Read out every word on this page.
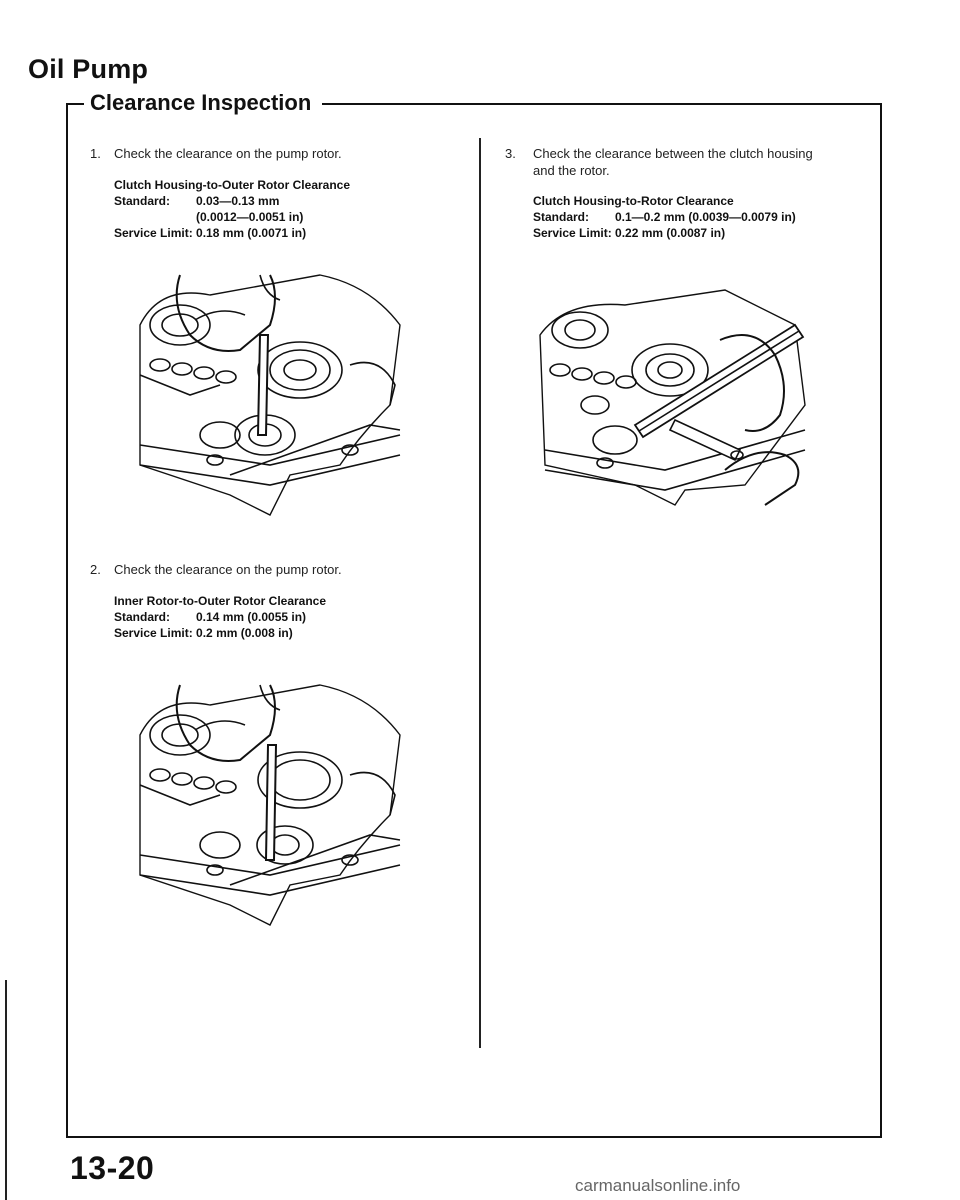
Oil Pump
Clearance Inspection
1. Check the clearance on the pump rotor.
Clutch Housing-to-Outer Rotor Clearance
Standard: 0.03—0.13 mm
(0.0012—0.0051 in)
Service Limit: 0.18 mm (0.0071 in)
2. Check the clearance on the pump rotor.
Inner Rotor-to-Outer Rotor Clearance
Standard: 0.14 mm (0.0055 in)
Service Limit: 0.2 mm (0.008 in)
3. Check the clearance between the clutch housing
and the rotor.
Clutch Housing-to-Rotor Clearance
Standard: 0.1—0.2 mm (0.0039—0.0079 in)
Service Limit: 0.22 mm (0.0087 in)
13-20	carmanualsonline.info
